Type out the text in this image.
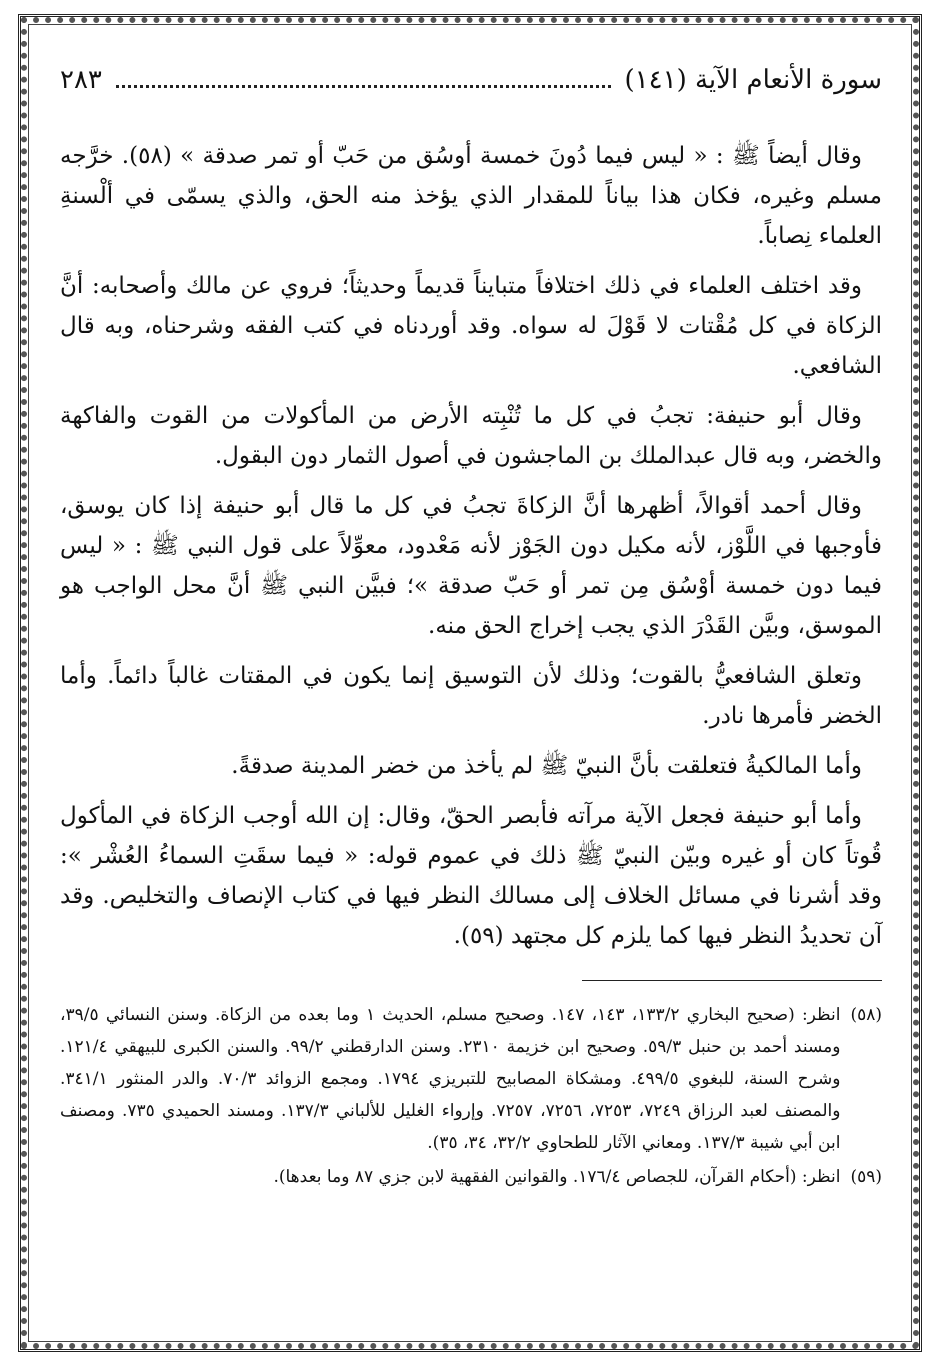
سورة الأنعام الآية (١٤١)
٢٨٣

وقال أيضاً ﷺ : « ليس فيما دُونَ خمسة أوسُق من حَبّ أو تمر صدقة » (٥٨). خرَّجه مسلم وغيره، فكان هذا بياناً للمقدار الذي يؤخذ منه الحق، والذي يسمّى في ألْسنةِ العلماء نِصاباً.

وقد اختلف العلماء في ذلك اختلافاً متبايناً قديماً وحديثاً؛ فروي عن مالك وأصحابه: أنَّ الزكاة في كل مُقْتات لا قَوْلَ له سواه. وقد أوردناه في كتب الفقه وشرحناه، وبه قال الشافعي.

وقال أبو حنيفة: تجبُ في كل ما تُنْبِته الأرض من المأكولات من القوت والفاكهة والخضر، وبه قال عبدالملك بن الماجشون في أصول الثمار دون البقول.

وقال أحمد أقوالاً، أظهرها أنَّ الزكاةَ تجبُ في كل ما قال أبو حنيفة إذا كان يوسق، فأوجبها في اللَّوْز، لأنه مكيل دون الجَوْز لأنه مَعْدود، معوِّلاً على قول النبي ﷺ : « ليس فيما دون خمسة أوْسُق مِن تمر أو حَبّ صدقة »؛ فبيَّن النبي ﷺ أنَّ محل الواجب هو الموسق، وبيَّن القَدْرَ الذي يجب إخراج الحق منه.

وتعلق الشافعيُّ بالقوت؛ وذلك لأن التوسيق إنما يكون في المقتات غالباً دائماً. وأما الخضر فأمرها نادر.

وأما المالكيةُ فتعلقت بأنَّ النبيّ ﷺ لم يأخذ من خضر المدينة صدقةً.

وأما أبو حنيفة فجعل الآية مرآته فأبصر الحقّ، وقال: إن الله أوجب الزكاة في المأكول قُوتاً كان أو غيره وبيّن النبيّ ﷺ ذلك في عموم قوله: « فيما سقَتِ السماءُ العُشْر »: وقد أشرنا في مسائل الخلاف إلى مسالك النظر فيها في كتاب الإنصاف والتخليص. وقد آن تحديدُ النظر فيها كما يلزم كل مجتهد (٥٩).

(٥٨)
انظر: (صحيح البخاري ١٣٣/٢، ١٤٣، ١٤٧. وصحيح مسلم، الحديث ١ وما بعده من الزكاة. وسنن النسائي ٣٩/٥، ومسند أحمد بن حنبل ٥٩/٣. وصحيح ابن خزيمة ٢٣١٠. وسنن الدارقطني ٩٩/٢. والسنن الكبرى للبيهقي ١٢١/٤. وشرح السنة، للبغوي ٤٩٩/٥. ومشكاة المصابيح للتبريزي ١٧٩٤. ومجمع الزوائد ٧٠/٣. والدر المنثور ٣٤١/١. والمصنف لعبد الرزاق ٧٢٤٩، ٧٢٥٣، ٧٢٥٦، ٧٢٥٧. وإرواء الغليل للألباني ١٣٧/٣. ومسند الحميدي ٧٣٥. ومصنف ابن أبي شيبة ١٣٧/٣. ومعاني الآثار للطحاوي ٣٢/٢، ٣٤، ٣٥).
(٥٩)
انظر: (أحكام القرآن، للجصاص ١٧٦/٤. والقوانين الفقهية لابن جزي ٨٧ وما بعدها).
